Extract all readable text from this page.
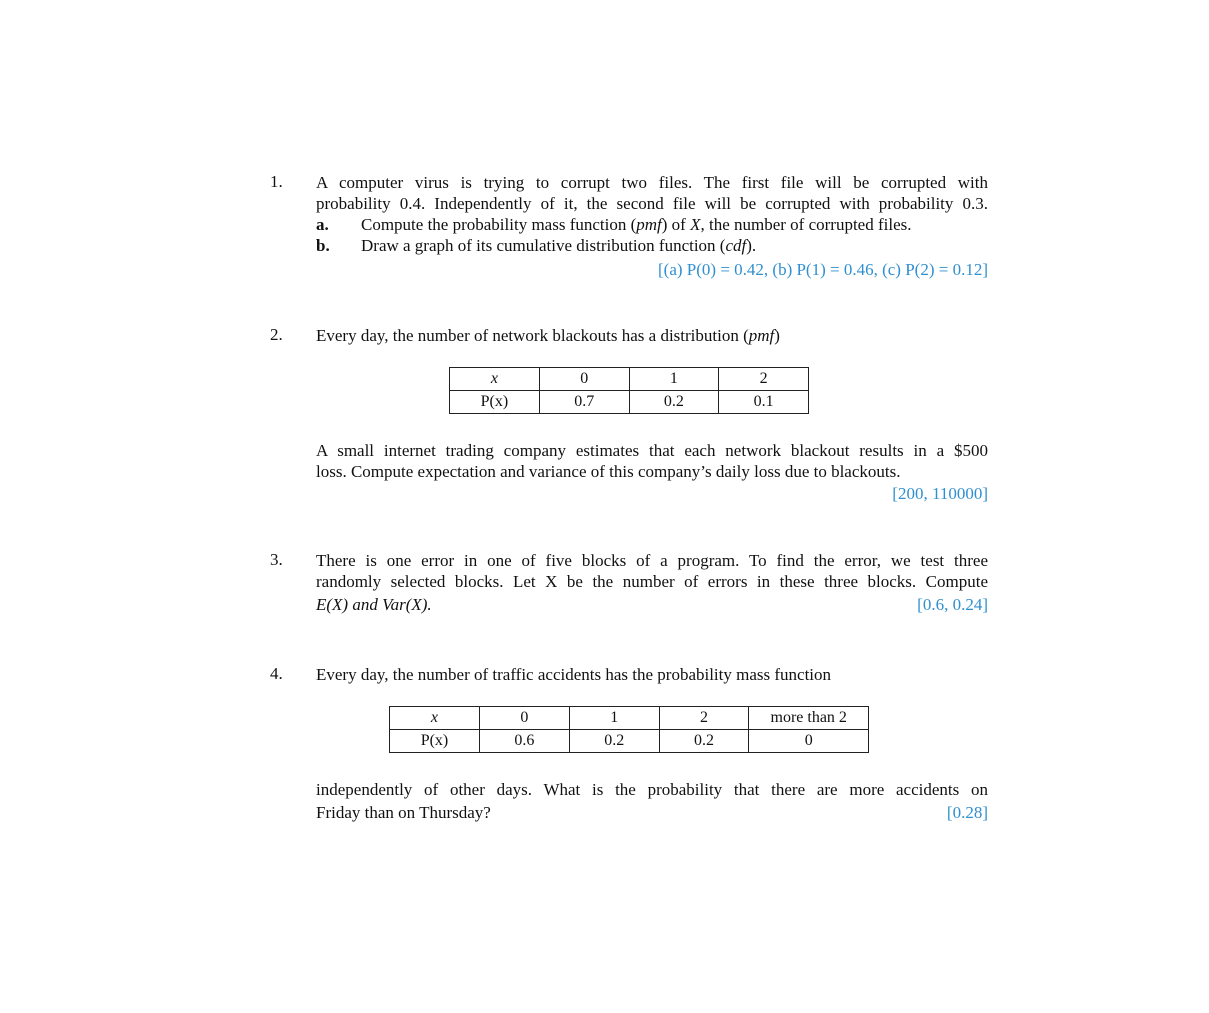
1.	A computer virus is trying to corrupt two files. The first file will be corrupted with
probability 0.4. Independently of it, the second file will be corrupted with probability 0.3.
a.	Compute the probability mass function (pmf) of X, the number of corrupted files.
b.	Draw a graph of its cumulative distribution function (cdf).
[(a) P(0) = 0.42, (b) P(1) = 0.46, (c) P(2) = 0.12]
2.	Every day, the number of network blackouts has a distribution (pmf)
x	0	1	2
P(x)	0.7	0.2	0.1
A small internet trading company estimates that each network blackout results in a $500
loss. Compute expectation and variance of this company’s daily loss due to blackouts.
[200, 110000]
3.	There is one error in one of five blocks of a program. To find the error, we test three
randomly selected blocks. Let X be the number of errors in these three blocks. Compute
E(X) and Var(X).	[0.6, 0.24]
4.	Every day, the number of traffic accidents has the probability mass function
x	0	1	2	more than 2
P(x)	0.6	0.2	0.2	0
independently of other days. What is the probability that there are more accidents on
Friday than on Thursday?	[0.28]
